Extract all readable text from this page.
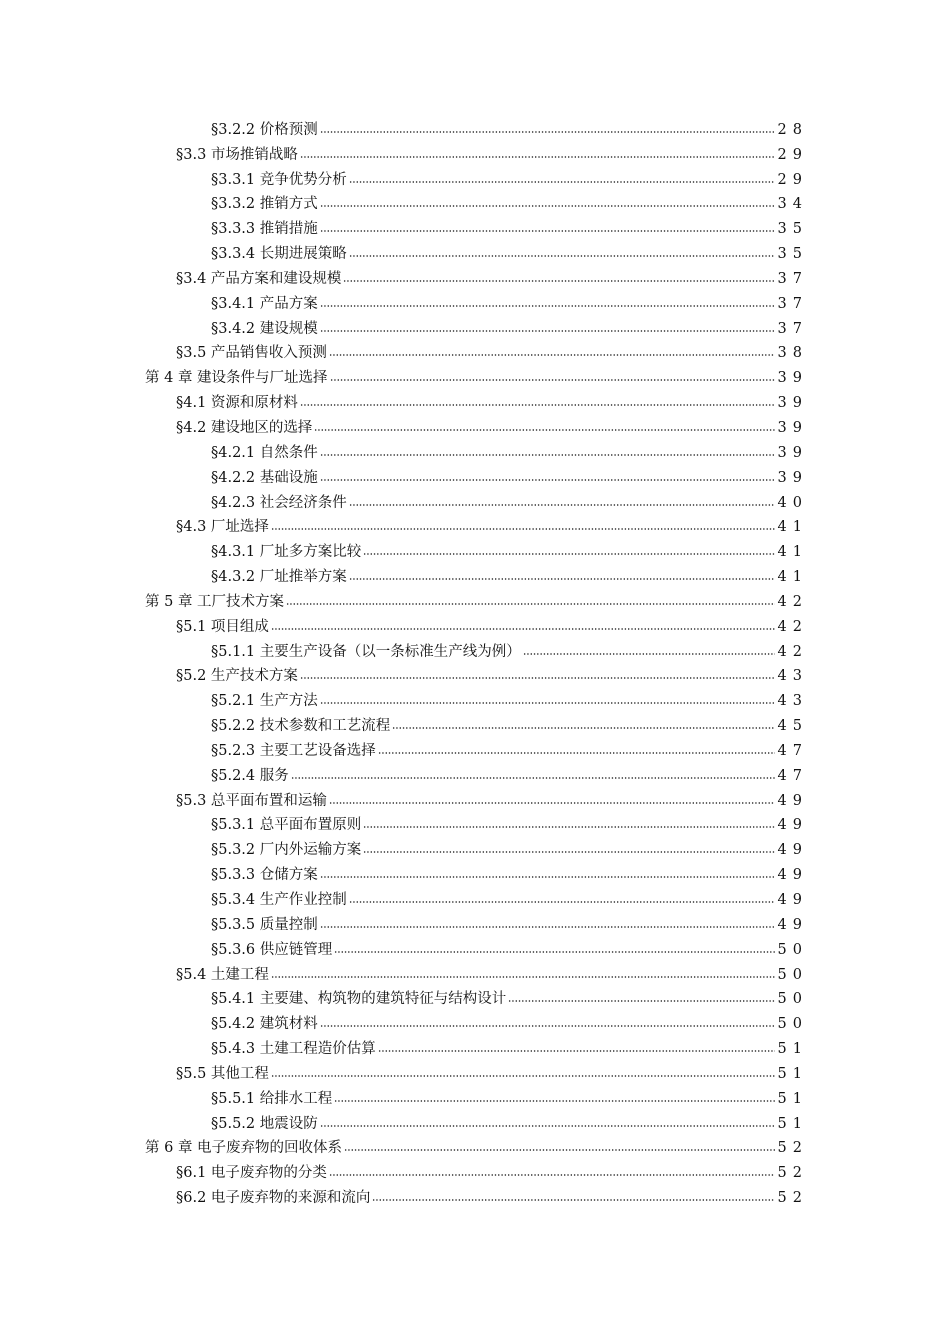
§3.2.2 价格预测	28
§3.3 市场推销战略	29
§3.3.1 竞争优势分析	29
§3.3.2 推销方式	34
§3.3.3 推销措施	35
§3.3.4 长期进展策略	35
§3.4 产品方案和建设规模	37
§3.4.1 产品方案	37
§3.4.2 建设规模	37
§3.5 产品销售收入预测	38
第 4 章 建设条件与厂址选择	39
§4.1 资源和原材料	39
§4.2 建设地区的选择	39
§4.2.1 自然条件	39
§4.2.2 基础设施	39
§4.2.3 社会经济条件	40
§4.3 厂址选择	41
§4.3.1 厂址多方案比较	41
§4.3.2 厂址推举方案	41
第 5 章 工厂技术方案	42
§5.1 项目组成	42
§5.1.1 主要生产设备（以一条标准生产线为例）	42
§5.2 生产技术方案	43
§5.2.1 生产方法	43
§5.2.2 技术参数和工艺流程	45
§5.2.3 主要工艺设备选择	47
§5.2.4 服务	47
§5.3 总平面布置和运输	49
§5.3.1 总平面布置原则	49
§5.3.2 厂内外运输方案	49
§5.3.3 仓储方案	49
§5.3.4 生产作业控制	49
§5.3.5 质量控制	49
§5.3.6 供应链管理	50
§5.4 土建工程	50
§5.4.1 主要建、构筑物的建筑特征与结构设计	50
§5.4.2 建筑材料	50
§5.4.3 土建工程造价估算	51
§5.5 其他工程	51
§5.5.1 给排水工程	51
§5.5.2 地震设防	51
第 6 章 电子废弃物的回收体系	52
§6.1 电子废弃物的分类	52
§6.2 电子废弃物的来源和流向	52
